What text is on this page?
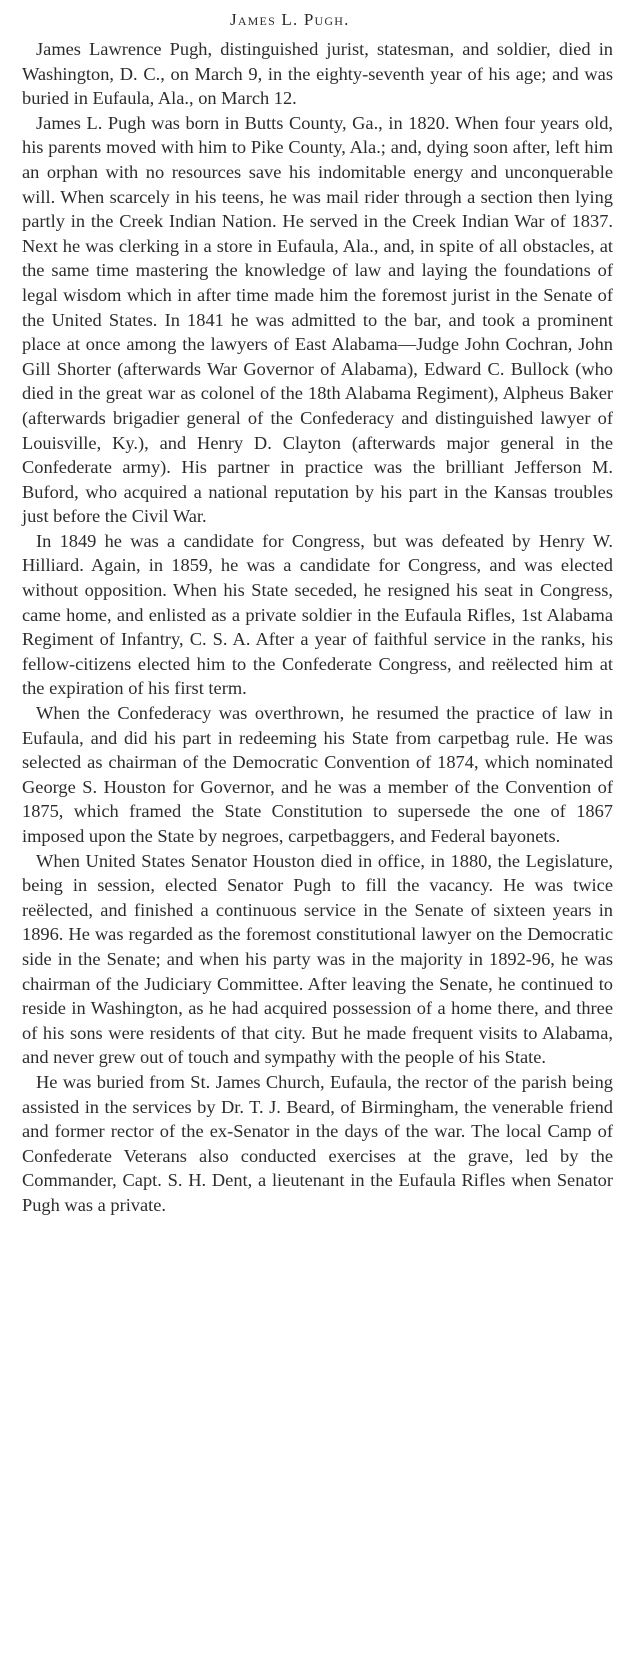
James L. Pugh.

James Lawrence Pugh, distinguished jurist, statesman, and soldier, died in Washington, D. C., on March 9, in the eighty-seventh year of his age; and was buried in Eufaula, Ala., on March 12.

James L. Pugh was born in Butts County, Ga., in 1820. When four years old, his parents moved with him to Pike County, Ala.; and, dying soon after, left him an orphan with no resources save his indomitable energy and unconquerable will. When scarcely in his teens, he was mail rider through a section then lying partly in the Creek Indian Nation. He served in the Creek Indian War of 1837. Next he was clerking in a store in Eufaula, Ala., and, in spite of all obstacles, at the same time mastering the knowledge of law and laying the foundations of legal wisdom which in after time made him the foremost jurist in the Senate of the United States. In 1841 he was admitted to the bar, and took a prominent place at once among the lawyers of East Alabama—Judge John Cochran, John Gill Shorter (afterwards War Governor of Alabama), Edward C. Bullock (who died in the great war as colonel of the 18th Alabama Regiment), Alpheus Baker (afterwards brigadier general of the Confederacy and distinguished lawyer of Louisville, Ky.), and Henry D. Clayton (afterwards major general in the Confederate army). His partner in practice was the brilliant Jefferson M. Buford, who acquired a national reputation by his part in the Kansas troubles just before the Civil War.

In 1849 he was a candidate for Congress, but was defeated by Henry W. Hilliard. Again, in 1859, he was a candidate for Congress, and was elected without opposition. When his State seceded, he resigned his seat in Congress, came home, and enlisted as a private soldier in the Eufaula Rifles, 1st Alabama Regiment of Infantry, C. S. A. After a year of faithful service in the ranks, his fellow-citizens elected him to the Confederate Congress, and reëlected him at the expiration of his first term.

When the Confederacy was overthrown, he resumed the practice of law in Eufaula, and did his part in redeeming his State from carpetbag rule. He was selected as chairman of the Democratic Convention of 1874, which nominated George S. Houston for Governor, and he was a member of the Convention of 1875, which framed the State Constitution to supersede the one of 1867 imposed upon the State by negroes, carpetbaggers, and Federal bayonets.

When United States Senator Houston died in office, in 1880, the Legislature, being in session, elected Senator Pugh to fill the vacancy. He was twice reëlected, and finished a continuous service in the Senate of sixteen years in 1896. He was regarded as the foremost constitutional lawyer on the Democratic side in the Senate; and when his party was in the majority in 1892-96, he was chairman of the Judiciary Committee. After leaving the Senate, he continued to reside in Washington, as he had acquired possession of a home there, and three of his sons were residents of that city. But he made frequent visits to Alabama, and never grew out of touch and sympathy with the people of his State.

He was buried from St. James Church, Eufaula, the rector of the parish being assisted in the services by Dr. T. J. Beard, of Birmingham, the venerable friend and former rector of the ex-Senator in the days of the war. The local Camp of Confederate Veterans also conducted exercises at the grave, led by the Commander, Capt. S. H. Dent, a lieutenant in the Eufaula Rifles when Senator Pugh was a private.
